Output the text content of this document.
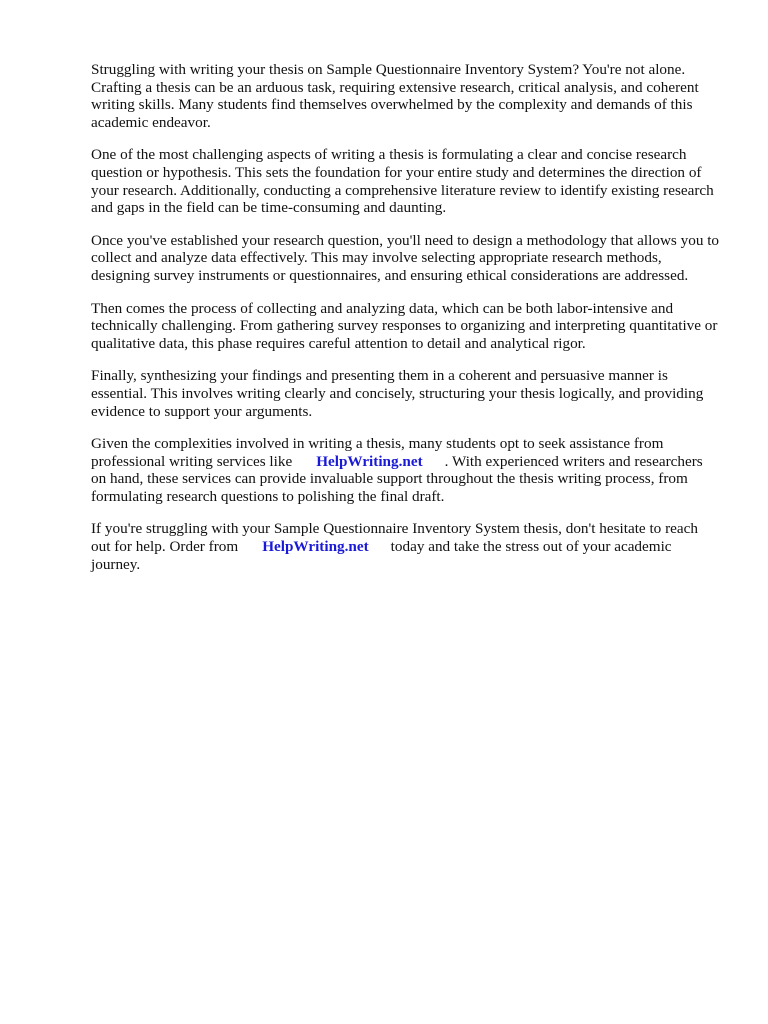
Struggling with writing your thesis on Sample Questionnaire Inventory System? You're not alone. Crafting a thesis can be an arduous task, requiring extensive research, critical analysis, and coherent writing skills. Many students find themselves overwhelmed by the complexity and demands of this academic endeavor.

One of the most challenging aspects of writing a thesis is formulating a clear and concise research question or hypothesis. This sets the foundation for your entire study and determines the direction of your research. Additionally, conducting a comprehensive literature review to identify existing research and gaps in the field can be time-consuming and daunting.

Once you've established your research question, you'll need to design a methodology that allows you to collect and analyze data effectively. This may involve selecting appropriate research methods, designing survey instruments or questionnaires, and ensuring ethical considerations are addressed.

Then comes the process of collecting and analyzing data, which can be both labor-intensive and technically challenging. From gathering survey responses to organizing and interpreting quantitative or qualitative data, this phase requires careful attention to detail and analytical rigor.

Finally, synthesizing your findings and presenting them in a coherent and persuasive manner is essential. This involves writing clearly and concisely, structuring your thesis logically, and providing evidence to support your arguments.

Given the complexities involved in writing a thesis, many students opt to seek assistance from professional writing services like HelpWriting.net . With experienced writers and researchers on hand, these services can provide invaluable support throughout the thesis writing process, from formulating research questions to polishing the final draft.

If you're struggling with your Sample Questionnaire Inventory System thesis, don't hesitate to reach out for help. Order from HelpWriting.net today and take the stress out of your academic journey.
